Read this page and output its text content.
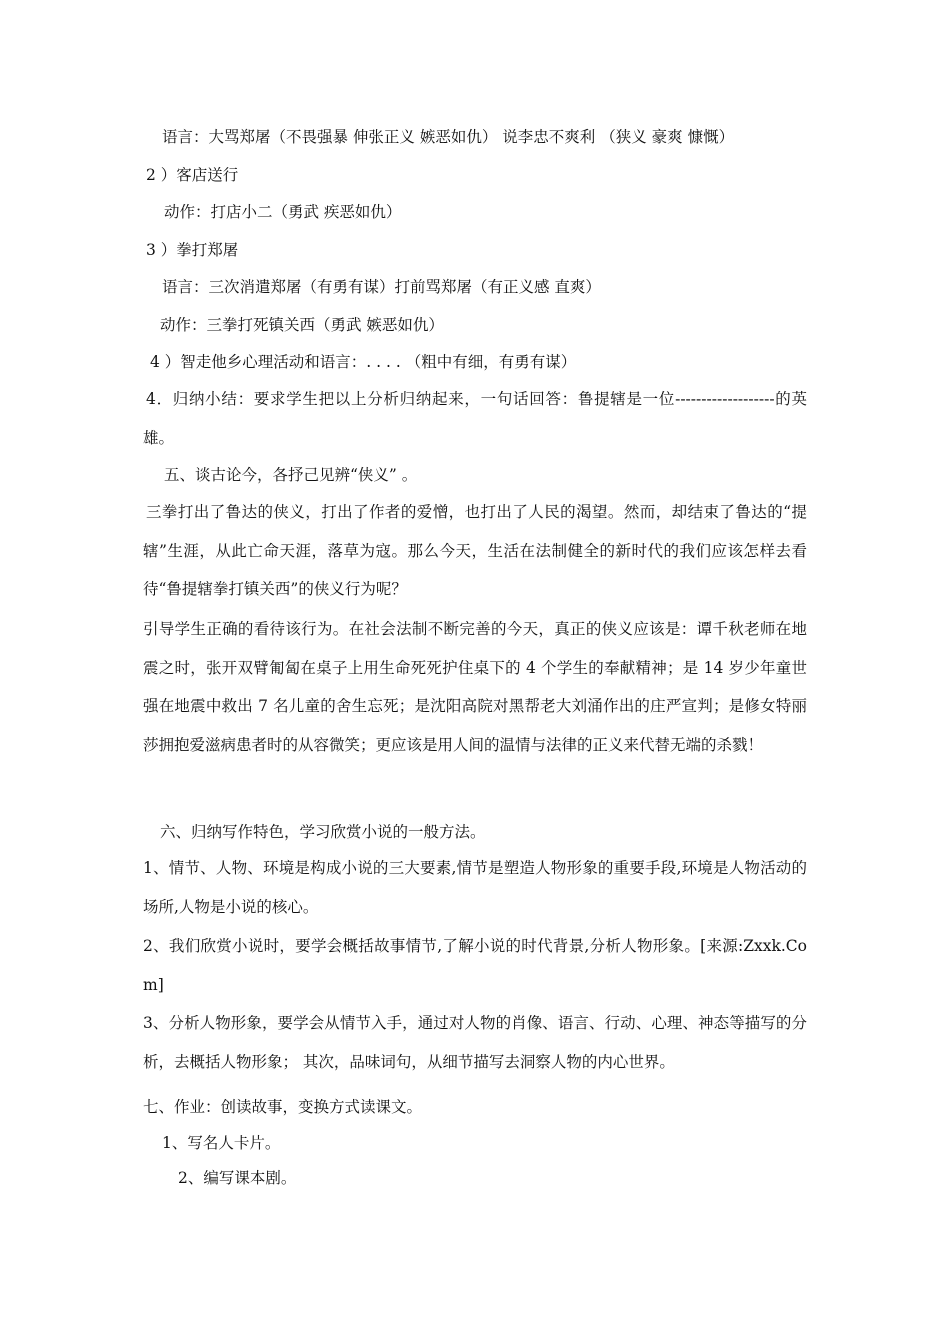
语言：大骂郑屠（不畏强暴 伸张正义 嫉恶如仇） 说李忠不爽利 （狭义 豪爽 慷慨）
2 ）客店送行
动作：打店小二（勇武 疾恶如仇）
3 ）拳打郑屠
语言：三次消遣郑屠（有勇有谋）打前骂郑屠（有正义感 直爽）
动作：三拳打死镇关西（勇武 嫉恶如仇）
4 ）智走他乡心理活动和语言：. . . . （粗中有细，有勇有谋）
4．归纳小结：要求学生把以上分析归纳起来，一句话回答：鲁提辖是一位-------------------的英雄。
五、谈古论今，各抒己见辨“侠义” 。
三拳打出了鲁达的侠义，打出了作者的爱憎，也打出了人民的渴望。然而，却结束了鲁达的“提辖”生涯，从此亡命天涯，落草为寇。那么今天，生活在法制健全的新时代的我们应该怎样去看待“鲁提辖拳打镇关西”的侠义行为呢？
引导学生正确的看待该行为。在社会法制不断完善的今天，真正的侠义应该是：谭千秋老师在地震之时，张开双臂匍匐在桌子上用生命死死护住桌下的 4 个学生的奉献精神；是 14 岁少年童世强在地震中救出 7 名儿童的舍生忘死；是沈阳高院对黑帮老大刘涌作出的庄严宣判；是修女特丽莎拥抱爱滋病患者时的从容微笑；更应该是用人间的温情与法律的正义来代替无端的杀戮！
六、归纳写作特色，学习欣赏小说的一般方法。
1、情节、人物、环境是构成小说的三大要素,情节是塑造人物形象的重要手段,环境是人物活动的场所,人物是小说的核心。
2、我们欣赏小说时，要学会概括故事情节,了解小说的时代背景,分析人物形象。[来源:Zxxk.Com]
3、分析人物形象，要学会从情节入手，通过对人物的肖像、语言、行动、心理、神态等描写的分析，去概括人物形象； 其次，品味词句，从细节描写去洞察人物的内心世界。
七、作业：创读故事，变换方式读课文。
1、写名人卡片。
2、编写课本剧。
